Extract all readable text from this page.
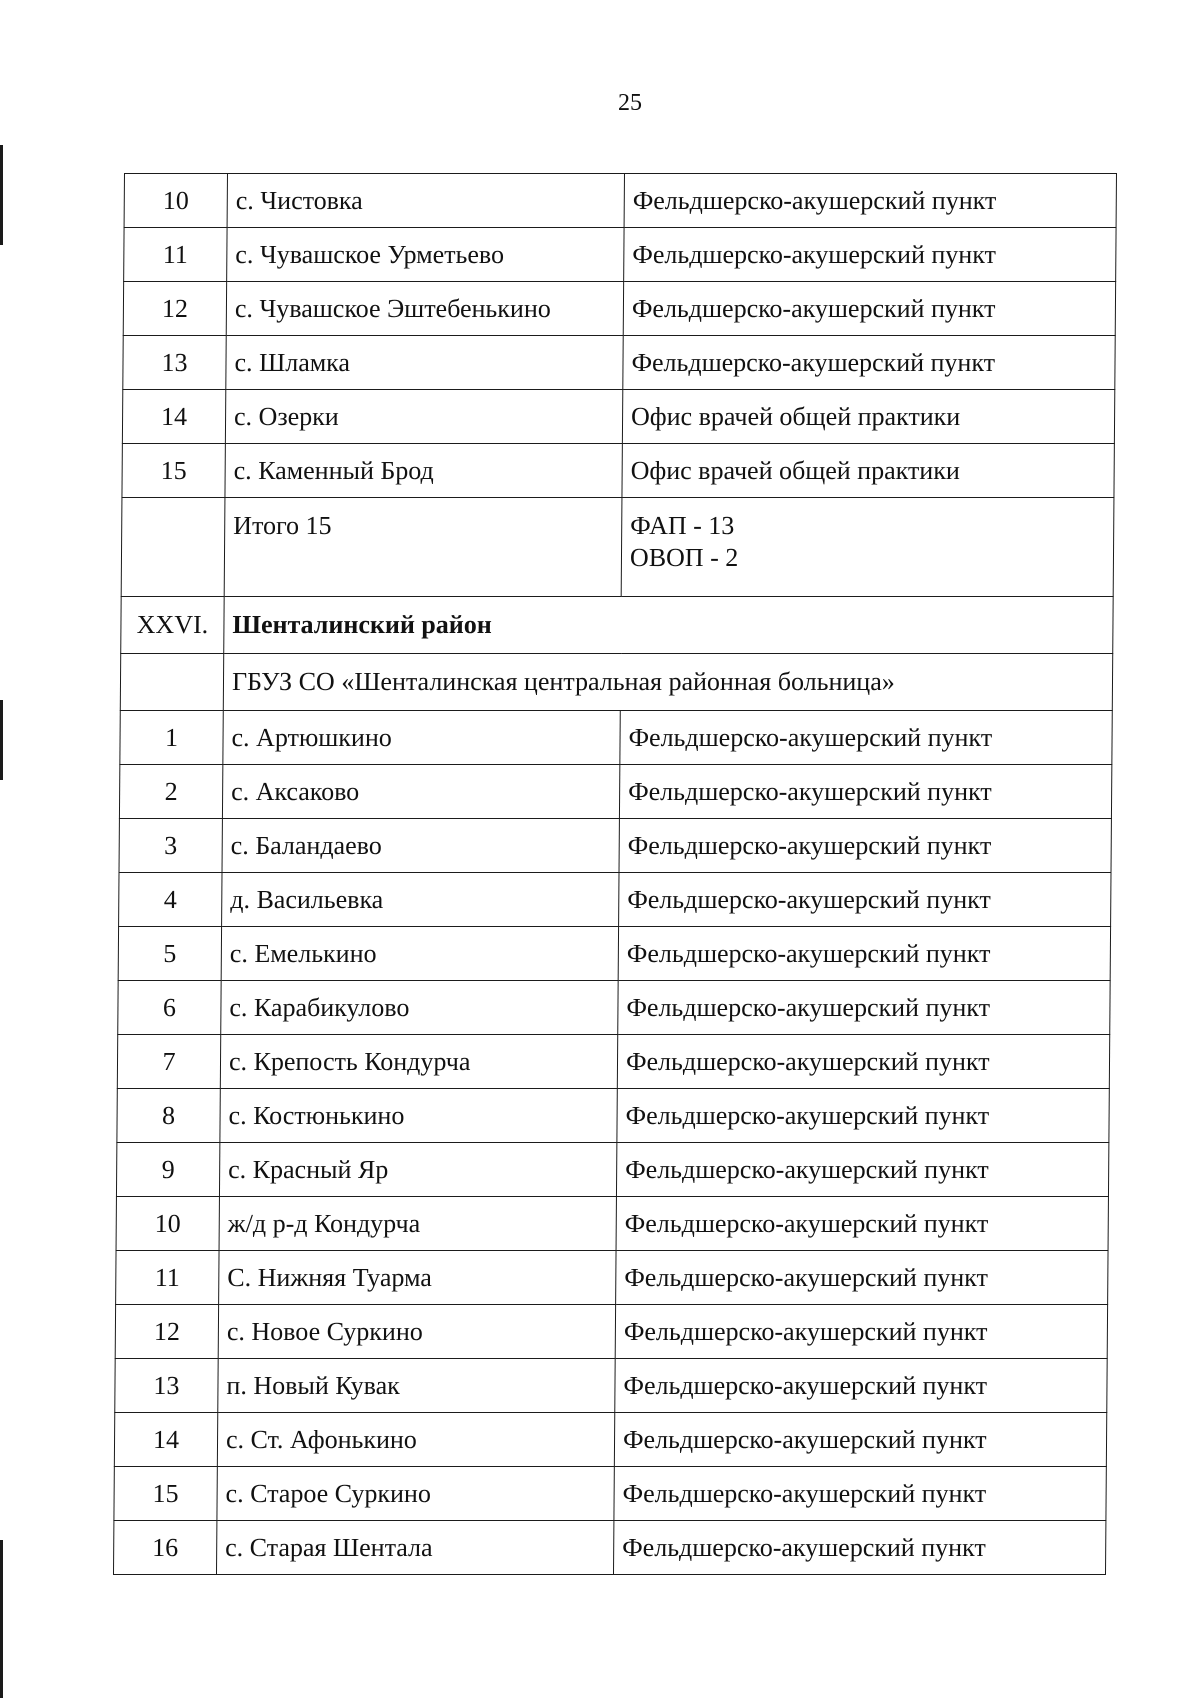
25
10	с. Чистовка	Фельдшерско-акушерский пункт
11	с. Чувашское Урметьево	Фельдшерско-акушерский пункт
12	с. Чувашское Эштебенькино	Фельдшерско-акушерский пункт
13	с. Шламка	Фельдшерско-акушерский пункт
14	с. Озерки	Офис врачей общей практики
15	с. Каменный Брод	Офис врачей общей практики
	Итого 15	ФАП - 13
ОВОП - 2

XXVI.	Шенталинский район	
	ГБУЗ СО «Шенталинская центральная районная больница»	
1	с. Артюшкино	Фельдшерско-акушерский пункт
2	с. Аксаково	Фельдшерско-акушерский пункт
3	с. Баландаево	Фельдшерско-акушерский пункт
4	д. Васильевка	Фельдшерско-акушерский пункт
5	с. Емелькино	Фельдшерско-акушерский пункт
6	с. Карабикулово	Фельдшерско-акушерский пункт
7	с. Крепость Кондурча	Фельдшерско-акушерский пункт
8	с. Костюнькино	Фельдшерско-акушерский пункт
9	с. Красный Яр	Фельдшерско-акушерский пункт
10	ж/д р-д Кондурча	Фельдшерско-акушерский пункт
11	С. Нижняя Туарма	Фельдшерско-акушерский пункт
12	с. Новое Суркино	Фельдшерско-акушерский пункт
13	п. Новый Кувак	Фельдшерско-акушерский пункт
14	с. Ст. Афонькино	Фельдшерско-акушерский пункт
15	с. Старое Суркино	Фельдшерско-акушерский пункт
16	с. Старая Шентала	Фельдшерско-акушерский пункт
